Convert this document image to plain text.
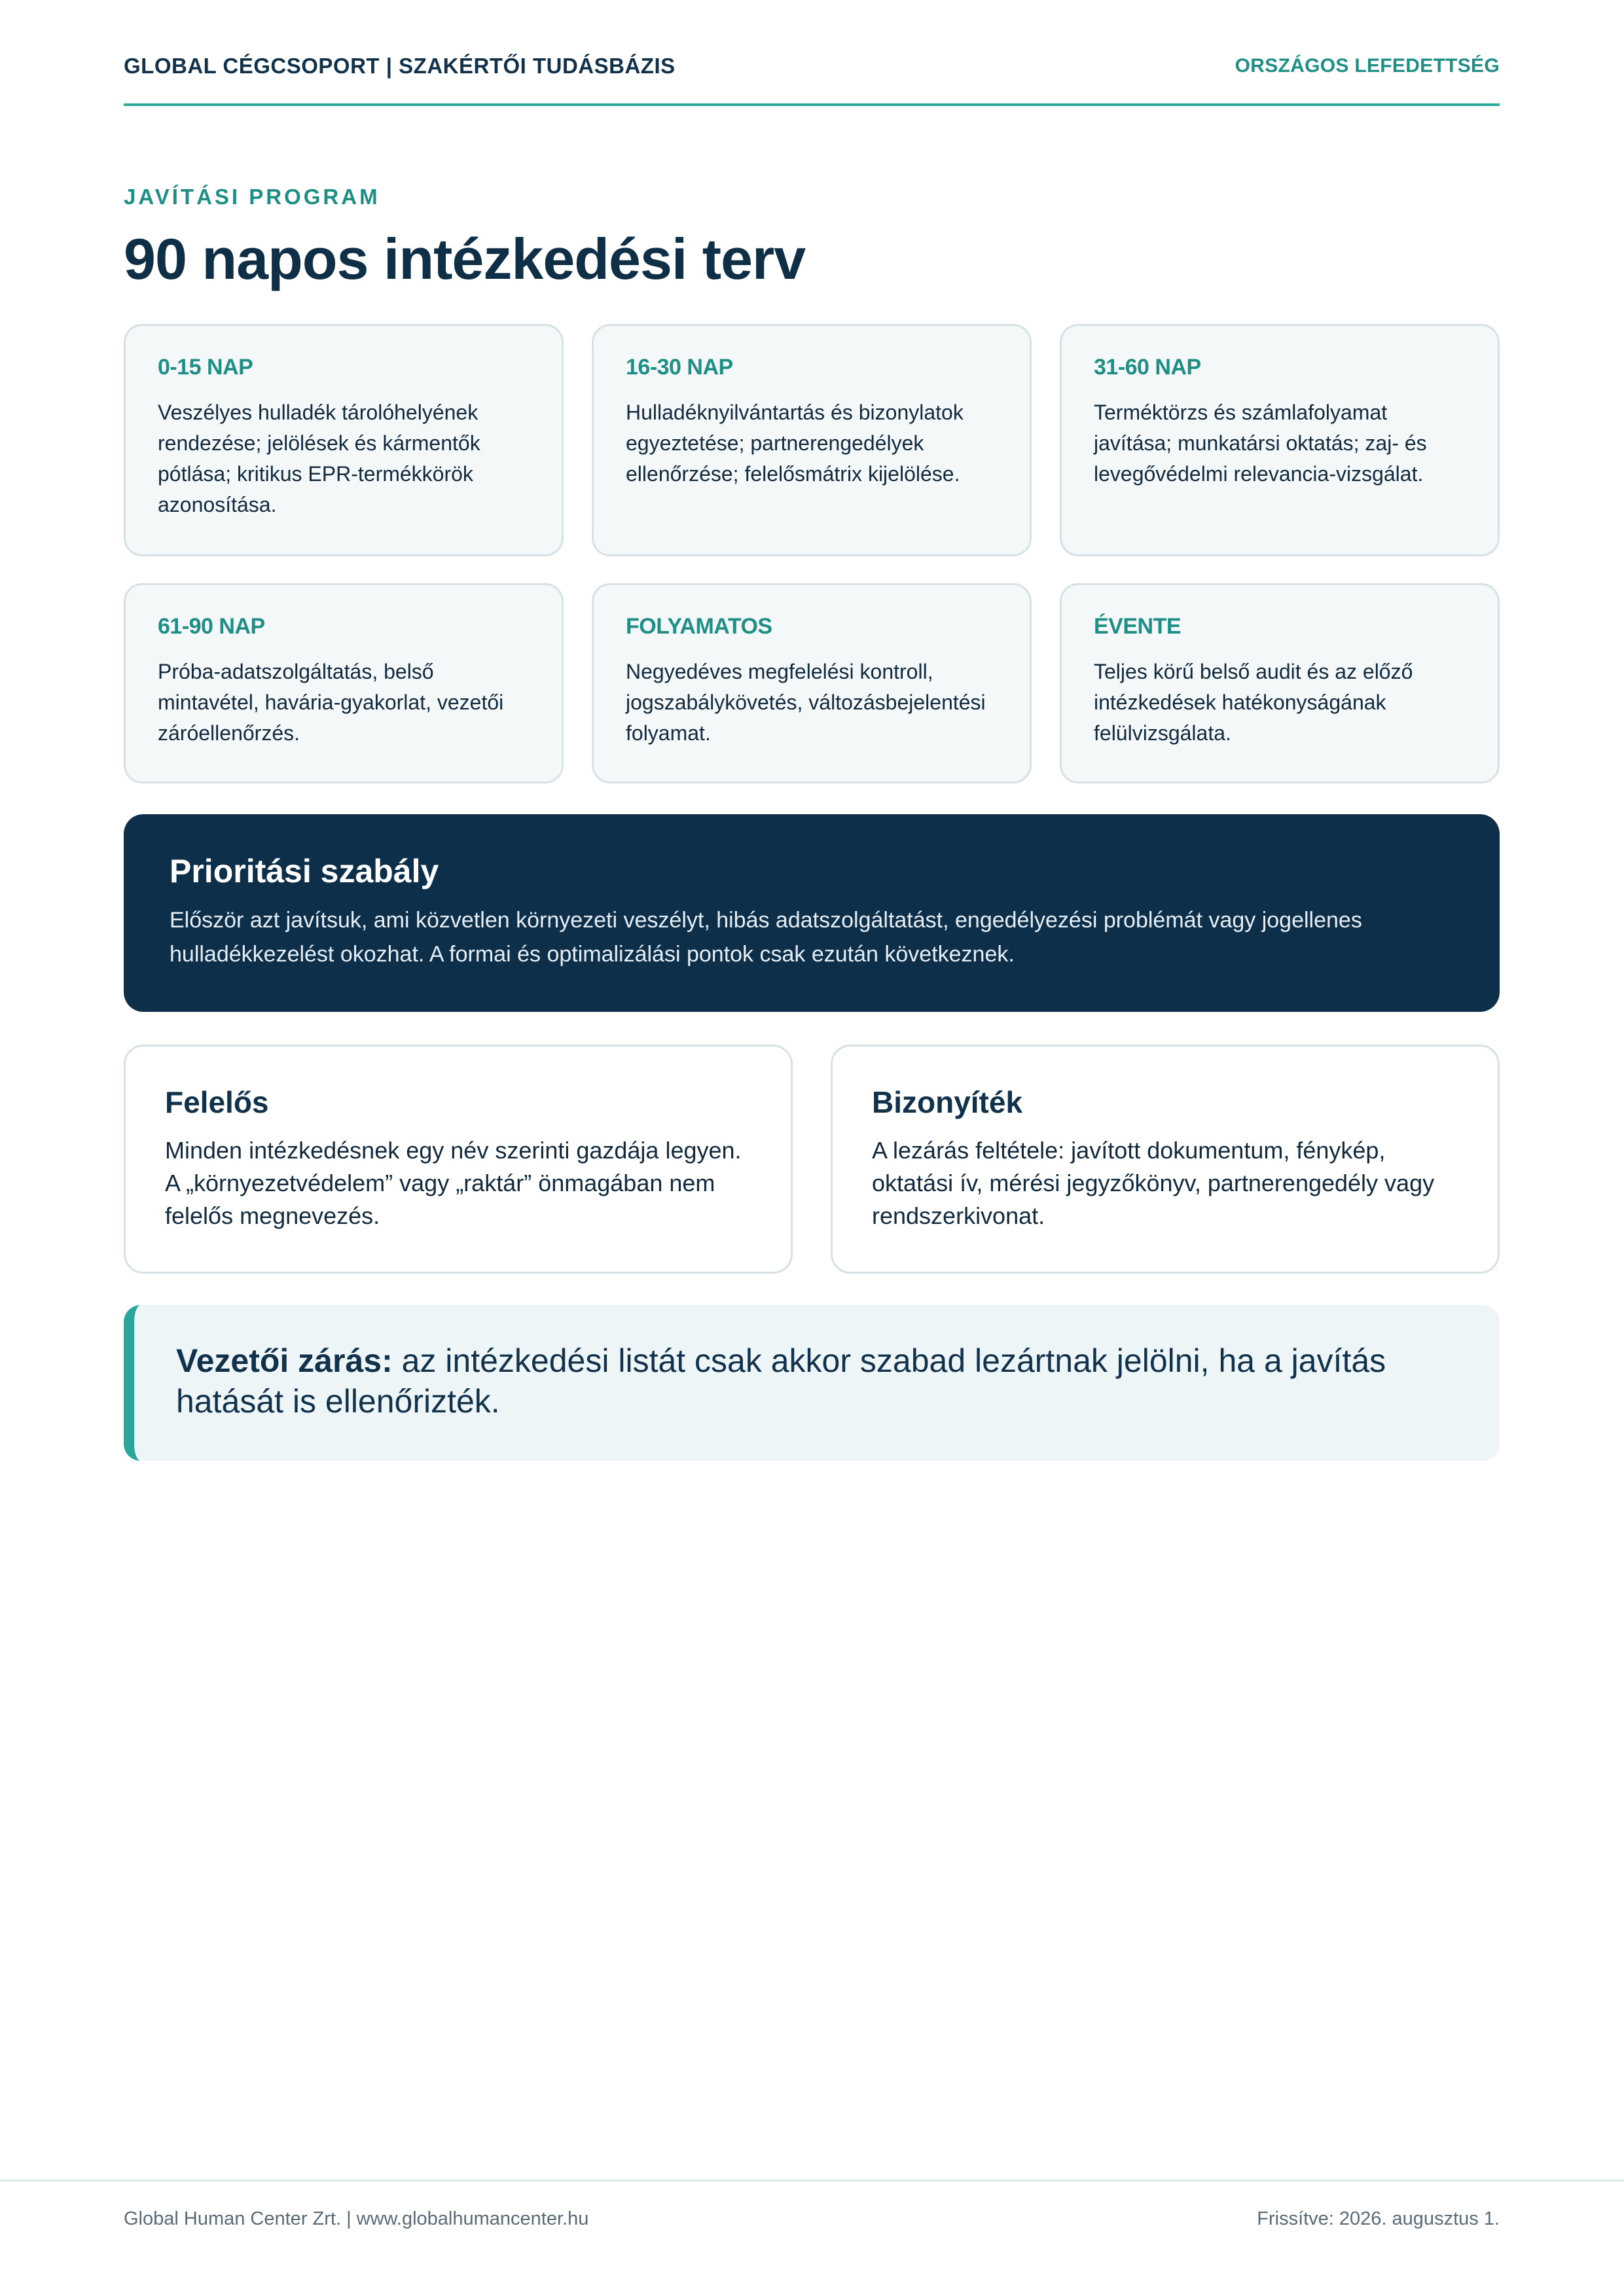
GLOBAL CÉGCSOPORT | SZAKÉRTŐI TUDÁSBÁZIS	ORSZÁGOS LEFEDETTSÉG
JAVÍTÁSI PROGRAM
90 napos intézkedési terv
0-15 NAP
Veszélyes hulladék tárolóhelyének rendezése; jelölések és kármentők pótlása; kritikus EPR-termékkörök azonosítása.
16-30 NAP
Hulladéknyilvántartás és bizonylatok egyeztetése; partnerengedélyek ellenőrzése; felelősmátrix kijelölése.
31-60 NAP
Terméktörzs és számlafolyamat javítása; munkatársi oktatás; zaj- és levegővédelmi relevancia-vizsgálat.
61-90 NAP
Próba-adatszolgáltatás, belső mintavétel, havária-gyakorlat, vezetői záróellenőrzés.
FOLYAMATOS
Negyedéves megfelelési kontroll, jogszabálykövetés, változásbejelentési folyamat.
ÉVENTE
Teljes körű belső audit és az előző intézkedések hatékonyságának felülvizsgálata.
Prioritási szabály
Először azt javítsuk, ami közvetlen környezeti veszélyt, hibás adatszolgáltatást, engedélyezési problémát vagy jogellenes hulladékkezelést okozhat. A formai és optimalizálási pontok csak ezután következnek.
Felelős
Minden intézkedésnek egy név szerinti gazdája legyen. A „környezetvédelem” vagy „raktár” önmagában nem felelős megnevezés.
Bizonyíték
A lezárás feltétele: javított dokumentum, fénykép, oktatási ív, mérési jegyzőkönyv, partnerengedély vagy rendszerkivonat.
Vezetői zárás: az intézkedési listát csak akkor szabad lezártnak jelölni, ha a javítás hatását is ellenőrizték.
Global Human Center Zrt. | www.globalhumancenter.hu	Frissítve: 2026. augusztus 1.
